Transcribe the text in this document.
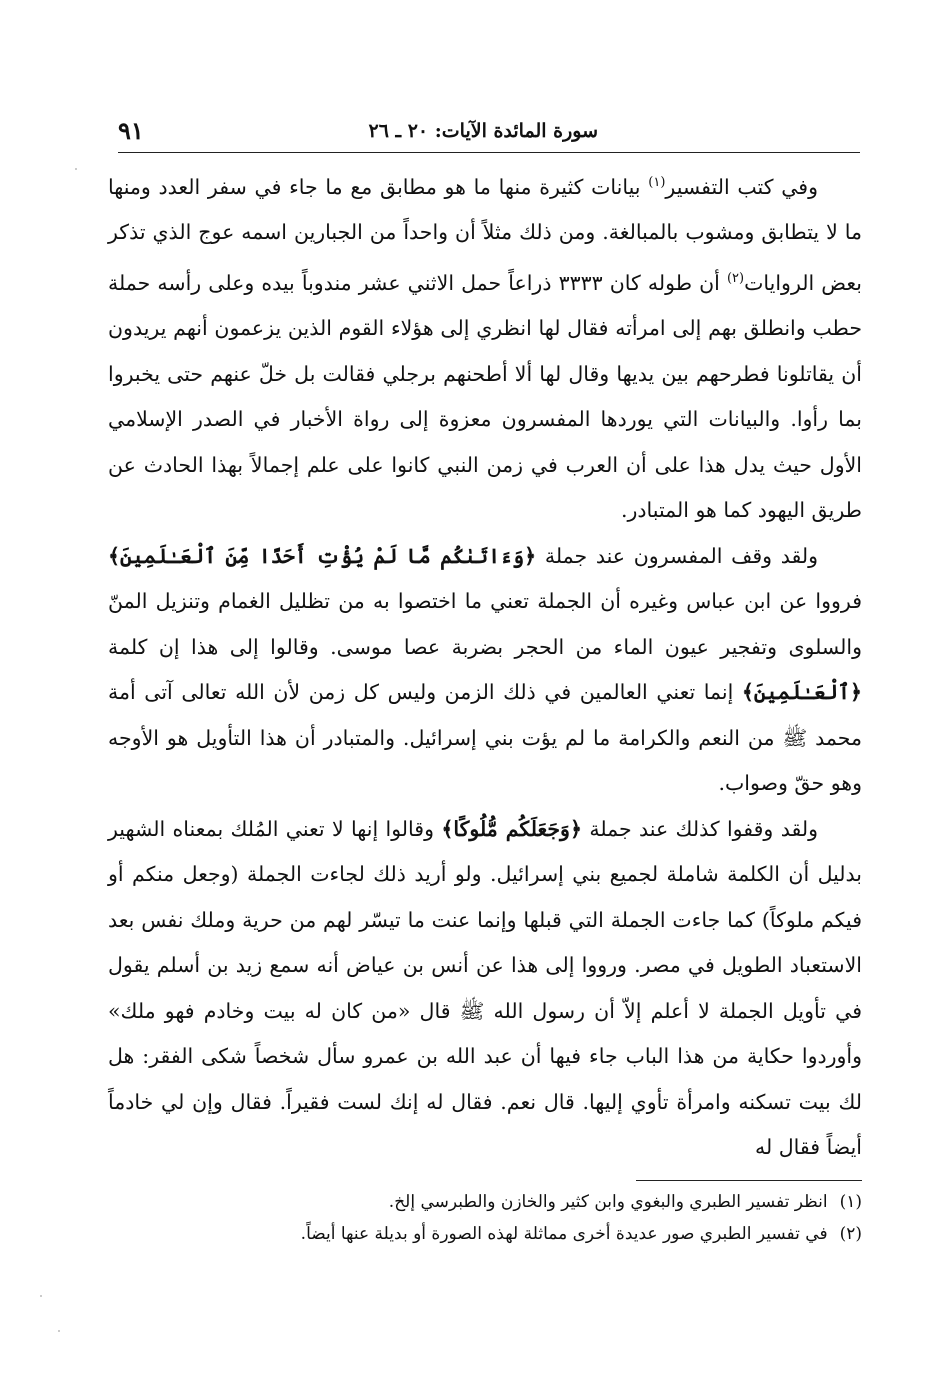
سورة المائدة الآيات: ٢٠ ـ ٢٦
٩١

وفي كتب التفسير$^{(١)}$ بيانات كثيرة منها ما هو مطابق مع ما جاء في سفر العدد ومنها ما لا يتطابق ومشوب بالمبالغة. ومن ذلك مثلاً أن واحداً من الجبارين اسمه عوج الذي تذكر بعض الروايات$^{(٢)}$ أن طوله كان ٣٣٣٣ ذراعاً حمل الاثني عشر مندوباً بيده وعلى رأسه حملة حطب وانطلق بهم إلى امرأته فقال لها انظري إلى هؤلاء القوم الذين يزعمون أنهم يريدون أن يقاتلونا فطرحهم بين يديها وقال لها ألا أطحنهم برجلي فقالت بل خلّ عنهم حتى يخبروا بما رأوا. والبيانات التي يوردها المفسرون معزوة إلى رواة الأخبار في الصدر الإسلامي الأول حيث يدل هذا على أن العرب في زمن النبي كانوا على علم إجمالاً بهذا الحادث عن طريق اليهود كما هو المتبادر.

ولقد وقف المفسرون عند جملة ﴿وَءَاتَىٰكُم مَّا لَمْ يُؤْتِ أَحَدًا مِّنَ ٱلْعَـٰلَمِينَ﴾ فرووا عن ابن عباس وغيره أن الجملة تعني ما اختصوا به من تظليل الغمام وتنزيل المنّ والسلوى وتفجير عيون الماء من الحجر بضربة عصا موسى. وقالوا إلى هذا إن كلمة ﴿ٱلْعَـٰلَمِينَ﴾ إنما تعني العالمين في ذلك الزمن وليس كل زمن لأن الله تعالى آتى أمة محمد ﷺ من النعم والكرامة ما لم يؤت بني إسرائيل. والمتبادر أن هذا التأويل هو الأوجه وهو حقّ وصواب.

ولقد وقفوا كذلك عند جملة ﴿وَجَعَلَكُم مُّلُوكًا﴾ وقالوا إنها لا تعني المُلك بمعناه الشهير بدليل أن الكلمة شاملة لجميع بني إسرائيل. ولو أريد ذلك لجاءت الجملة (وجعل منكم أو فيكم ملوكاً) كما جاءت الجملة التي قبلها وإنما عنت ما تيسّر لهم من حرية وملك نفس بعد الاستعباد الطويل في مصر. ورووا إلى هذا عن أنس بن عياض أنه سمع زيد بن أسلم يقول في تأويل الجملة لا أعلم إلاّ أن رسول الله ﷺ قال «من كان له بيت وخادم فهو ملك» وأوردوا حكاية من هذا الباب جاء فيها أن عبد الله بن عمرو سأل شخصاً شكى الفقر: هل لك بيت تسكنه وامرأة تأوي إليها. قال نعم. فقال له إنك لست فقيراً. فقال وإن لي خادماً أيضاً فقال له

(١)انظر تفسير الطبري والبغوي وابن كثير والخازن والطبرسي إلخ.
(٢)في تفسير الطبري صور عديدة أخرى مماثلة لهذه الصورة أو بديلة عنها أيضاً.
